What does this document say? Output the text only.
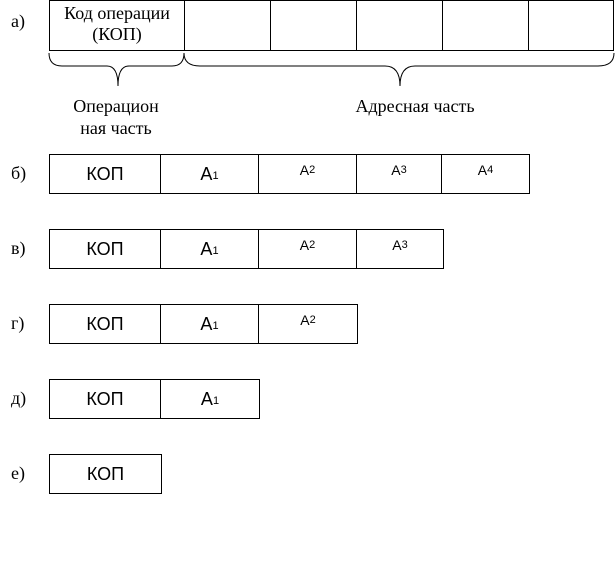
а)	Код операции
(КОП)
Операцион
ная часть
Адресная часть
б)	КОП	$A_1$	$A_2$	$A_3$	$A_4$
в)	КОП	$A_1$	$A_2$	$A_3$
г)	КОП	$A_1$	$A_2$
д)	КОП	$A_1$
е)	КОП
